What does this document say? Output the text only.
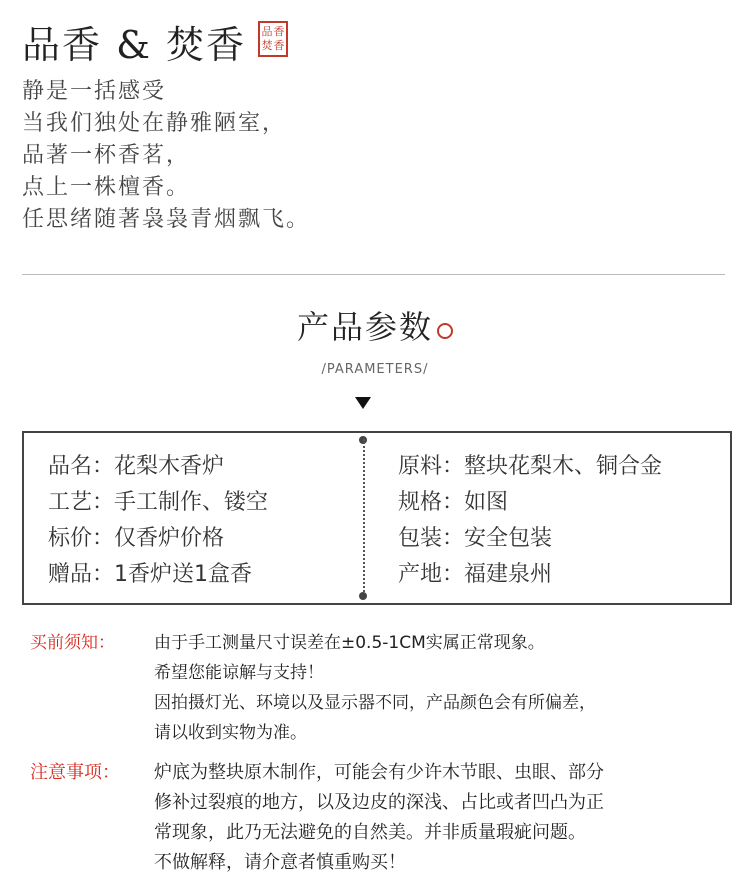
品香 & 焚香 品 香
焚 香
静是一括感受
当我们独处在静雅陋室，
品著一杯香茗，
点上一株檀香。
任思绪随著袅袅青烟飘飞。
产品参数
/PARAMETERS/
品名：花梨木香炉
工艺：手工制作、镂空
标价：仅香炉价格
赠品：1香炉送1盒香
原料：整块花梨木、铜合金
规格：如图
包装：安全包装
产地：福建泉州
买前须知： 由于手工测量尺寸误差在±0.5-1CM实属正常现象。
希望您能谅解与支持！
因拍摄灯光、环境以及显示器不同，产品颜色会有所偏差，
请以收到实物为准。
注意事项： 炉底为整块原木制作，可能会有少许木节眼、虫眼、部分
修补过裂痕的地方，以及边皮的深浅、占比或者凹凸为正
常现象，此乃无法避免的自然美。并非质量瑕疵问题。
不做解释，请介意者慎重购买！
